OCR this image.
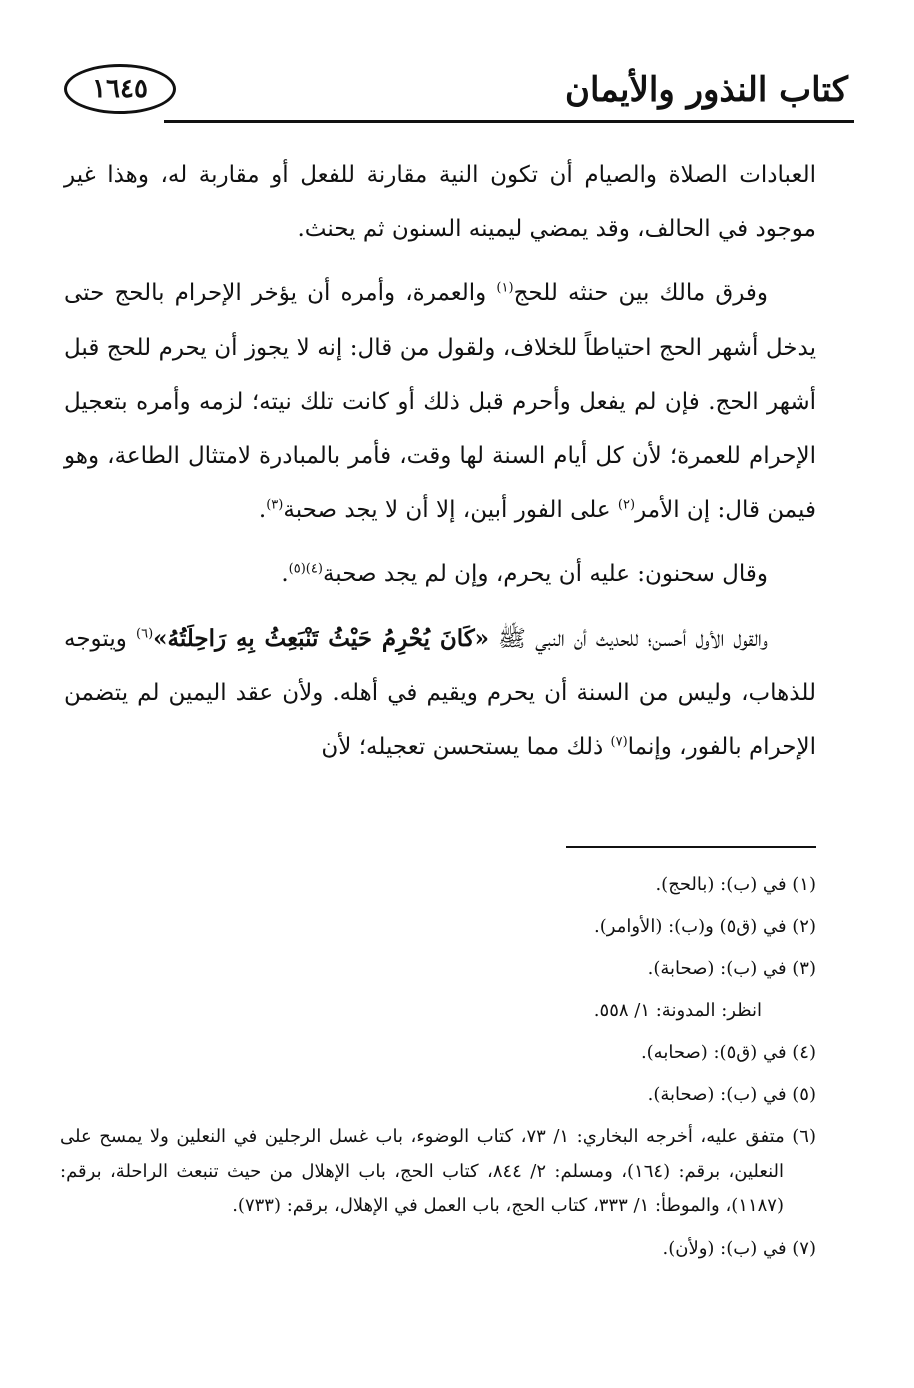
١٦٤٥	كتاب النذور والأيمان

العبادات الصلاة والصيام أن تكون النية مقارنة للفعل أو مقاربة له، وهذا غير موجود في الحالف، وقد يمضي ليمينه السنون ثم يحنث.

وفرق مالك بين حنثه للحج$^{(١)}$ والعمرة، وأمره أن يؤخر الإحرام بالحج حتى يدخل أشهر الحج احتياطاً للخلاف، ولقول من قال: إنه لا يجوز أن يحرم للحج قبل أشهر الحج. فإن لم يفعل وأحرم قبل ذلك أو كانت تلك نيته؛ لزمه وأمره بتعجيل الإحرام للعمرة؛ لأن كل أيام السنة لها وقت، فأمر بالمبادرة لامتثال الطاعة، وهو فيمن قال: إن الأمر$^{(٢)}$ على الفور أبين، إلا أن لا يجد صحبة$^{(٣)}$.

وقال سحنون: عليه أن يحرم، وإن لم يجد صحبة$^{(٤)(٥)}$.

والقول الأول أحسن؛ للحديث أن النبي ﷺ «كَانَ يُحْرِمُ حَيْثُ تَنْبَعِثُ بِهِ رَاحِلَتُهُ»$^{(٦)}$ ويتوجه للذهاب، وليس من السنة أن يحرم ويقيم في أهله. ولأن عقد اليمين لم يتضمن الإحرام بالفور، وإنما$^{(٧)}$ ذلك مما يستحسن تعجيله؛ لأن

(١) في (ب): (بالحج).

(٢) في (ق٥) و(ب): (الأوامر).

(٣) في (ب): (صحابة).

انظر: المدونة: ١/ ٥٥٨.

(٤) في (ق٥): (صحابه).

(٥) في (ب): (صحابة).

(٦) متفق عليه، أخرجه البخاري: ١/ ٧٣، كتاب الوضوء، باب غسل الرجلين في النعلين ولا يمسح على النعلين، برقم: (١٦٤)، ومسلم: ٢/ ٨٤٤، كتاب الحج، باب الإهلال من حيث تنبعث الراحلة، برقم: (١١٨٧)، والموطأ: ١/ ٣٣٣، كتاب الحج، باب العمل في الإهلال، برقم: (٧٣٣).

(٧) في (ب): (ولأن).
